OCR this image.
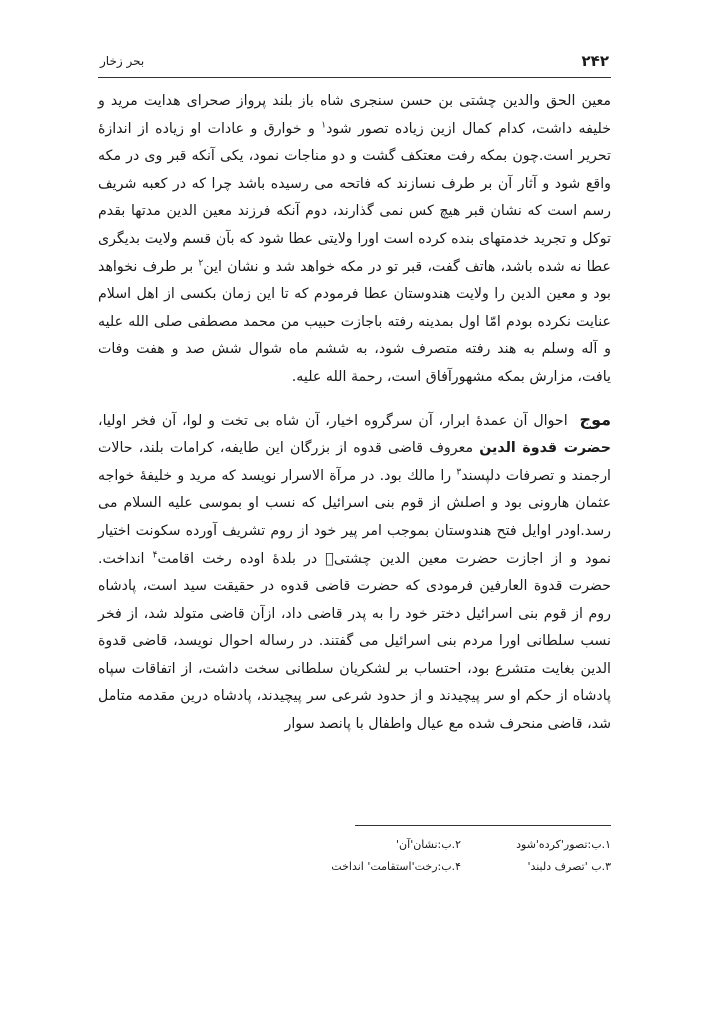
۲۴۲
بحر زخار

معین الحق والدین چشتی بن حسن سنجری شاه باز بلند پرواز صحرای هدایت مرید و خلیفه داشت، کدام کمال ازین زیاده تصور شود$^۱$ و خوارق و عادات او زیاده از اندازهٔ تحریر است.چون بمکه رفت معتکف گشت و دو مناجات نمود، یکی آنکه قبر وی در مکه واقع شود و آثار آن بر طرف نسازند که فاتحه می رسیده باشد چرا که در کعبه شریف رسم است که نشان قبر هیچ کس نمی گذارند، دوم آنکه فرزند معین الدین مدتها بقدم توکل و تجرید خدمتهای بنده کرده است اورا ولایتی عطا شود که بآن قسم ولایت بدیگری عطا نه شده باشد، هاتف گفت، قبر تو در مکه خواهد شد و نشان این$^۲$ بر طرف نخواهد بود و معین الدین را ولایت هندوستان عطا فرمودم که تا این زمان بکسی از اهل اسلام عنایت نکرده بودم امّا اول بمدینه رفته باجازت حبیب من محمد مصطفی صلی الله علیه و آله وسلم به هند رفته متصرف شود، به ششم ماه شوال شش صد و هفت وفات یافت، مزارش بمکه مشهورآفاق است، رحمة الله علیه.

موج احوال آن عمدهٔ ابرار، آن سرگروه اخیار، آن شاه بی تخت و لوا، آن فخر اولیا، حضرت قدوة الدین معروف قاضی قدوه از بزرگان این طایفه، کرامات بلند، حالات ارجمند و تصرفات دلپسند$^۳$ را مالك بود. در مرآة الاسرار نویسد که مرید و خلیفهٔ خواجه عثمان هارونی بود و اصلش از قوم بنی اسرائیل که نسب او بموسی علیه السلام می رسد.اودر اوایل فتح هندوستان بموجب امر پیر خود از روم تشریف آورده سکونت اختیار نمود و از اجازت حضرت معین الدین چشتیؒ در بلدهٔ اوده رخت اقامت$^۴$ انداخت. حضرت قدوة العارفین فرمودی که حضرت قاضی قدوه در حقیقت سید است، پادشاه روم از قوم بنی اسرائیل دختر خود را به پدر قاضی داد، ازآن قاضی متولد شد، از فخر نسب سلطانی اورا مردم بنی اسرائیل می گفتند. در رساله احوال نویسد، قاضی قدوة الدین بغایت متشرع بود، احتساب بر لشکریان سلطانی سخت داشت، از اتفاقات سپاه پادشاه از حکم او سر پیچیدند و از حدود شرعی سر پیچیدند، پادشاه درین مقدمه متامل شد، قاضی منحرف شده مع عیال واطفال با پانصد سوار

۱.ب:تصور'کرده'شود
۲.ب:نشان'آن'
۳.ب 'تصرف دلبند'
۴.ب:رخت'استقامت' انداخت
